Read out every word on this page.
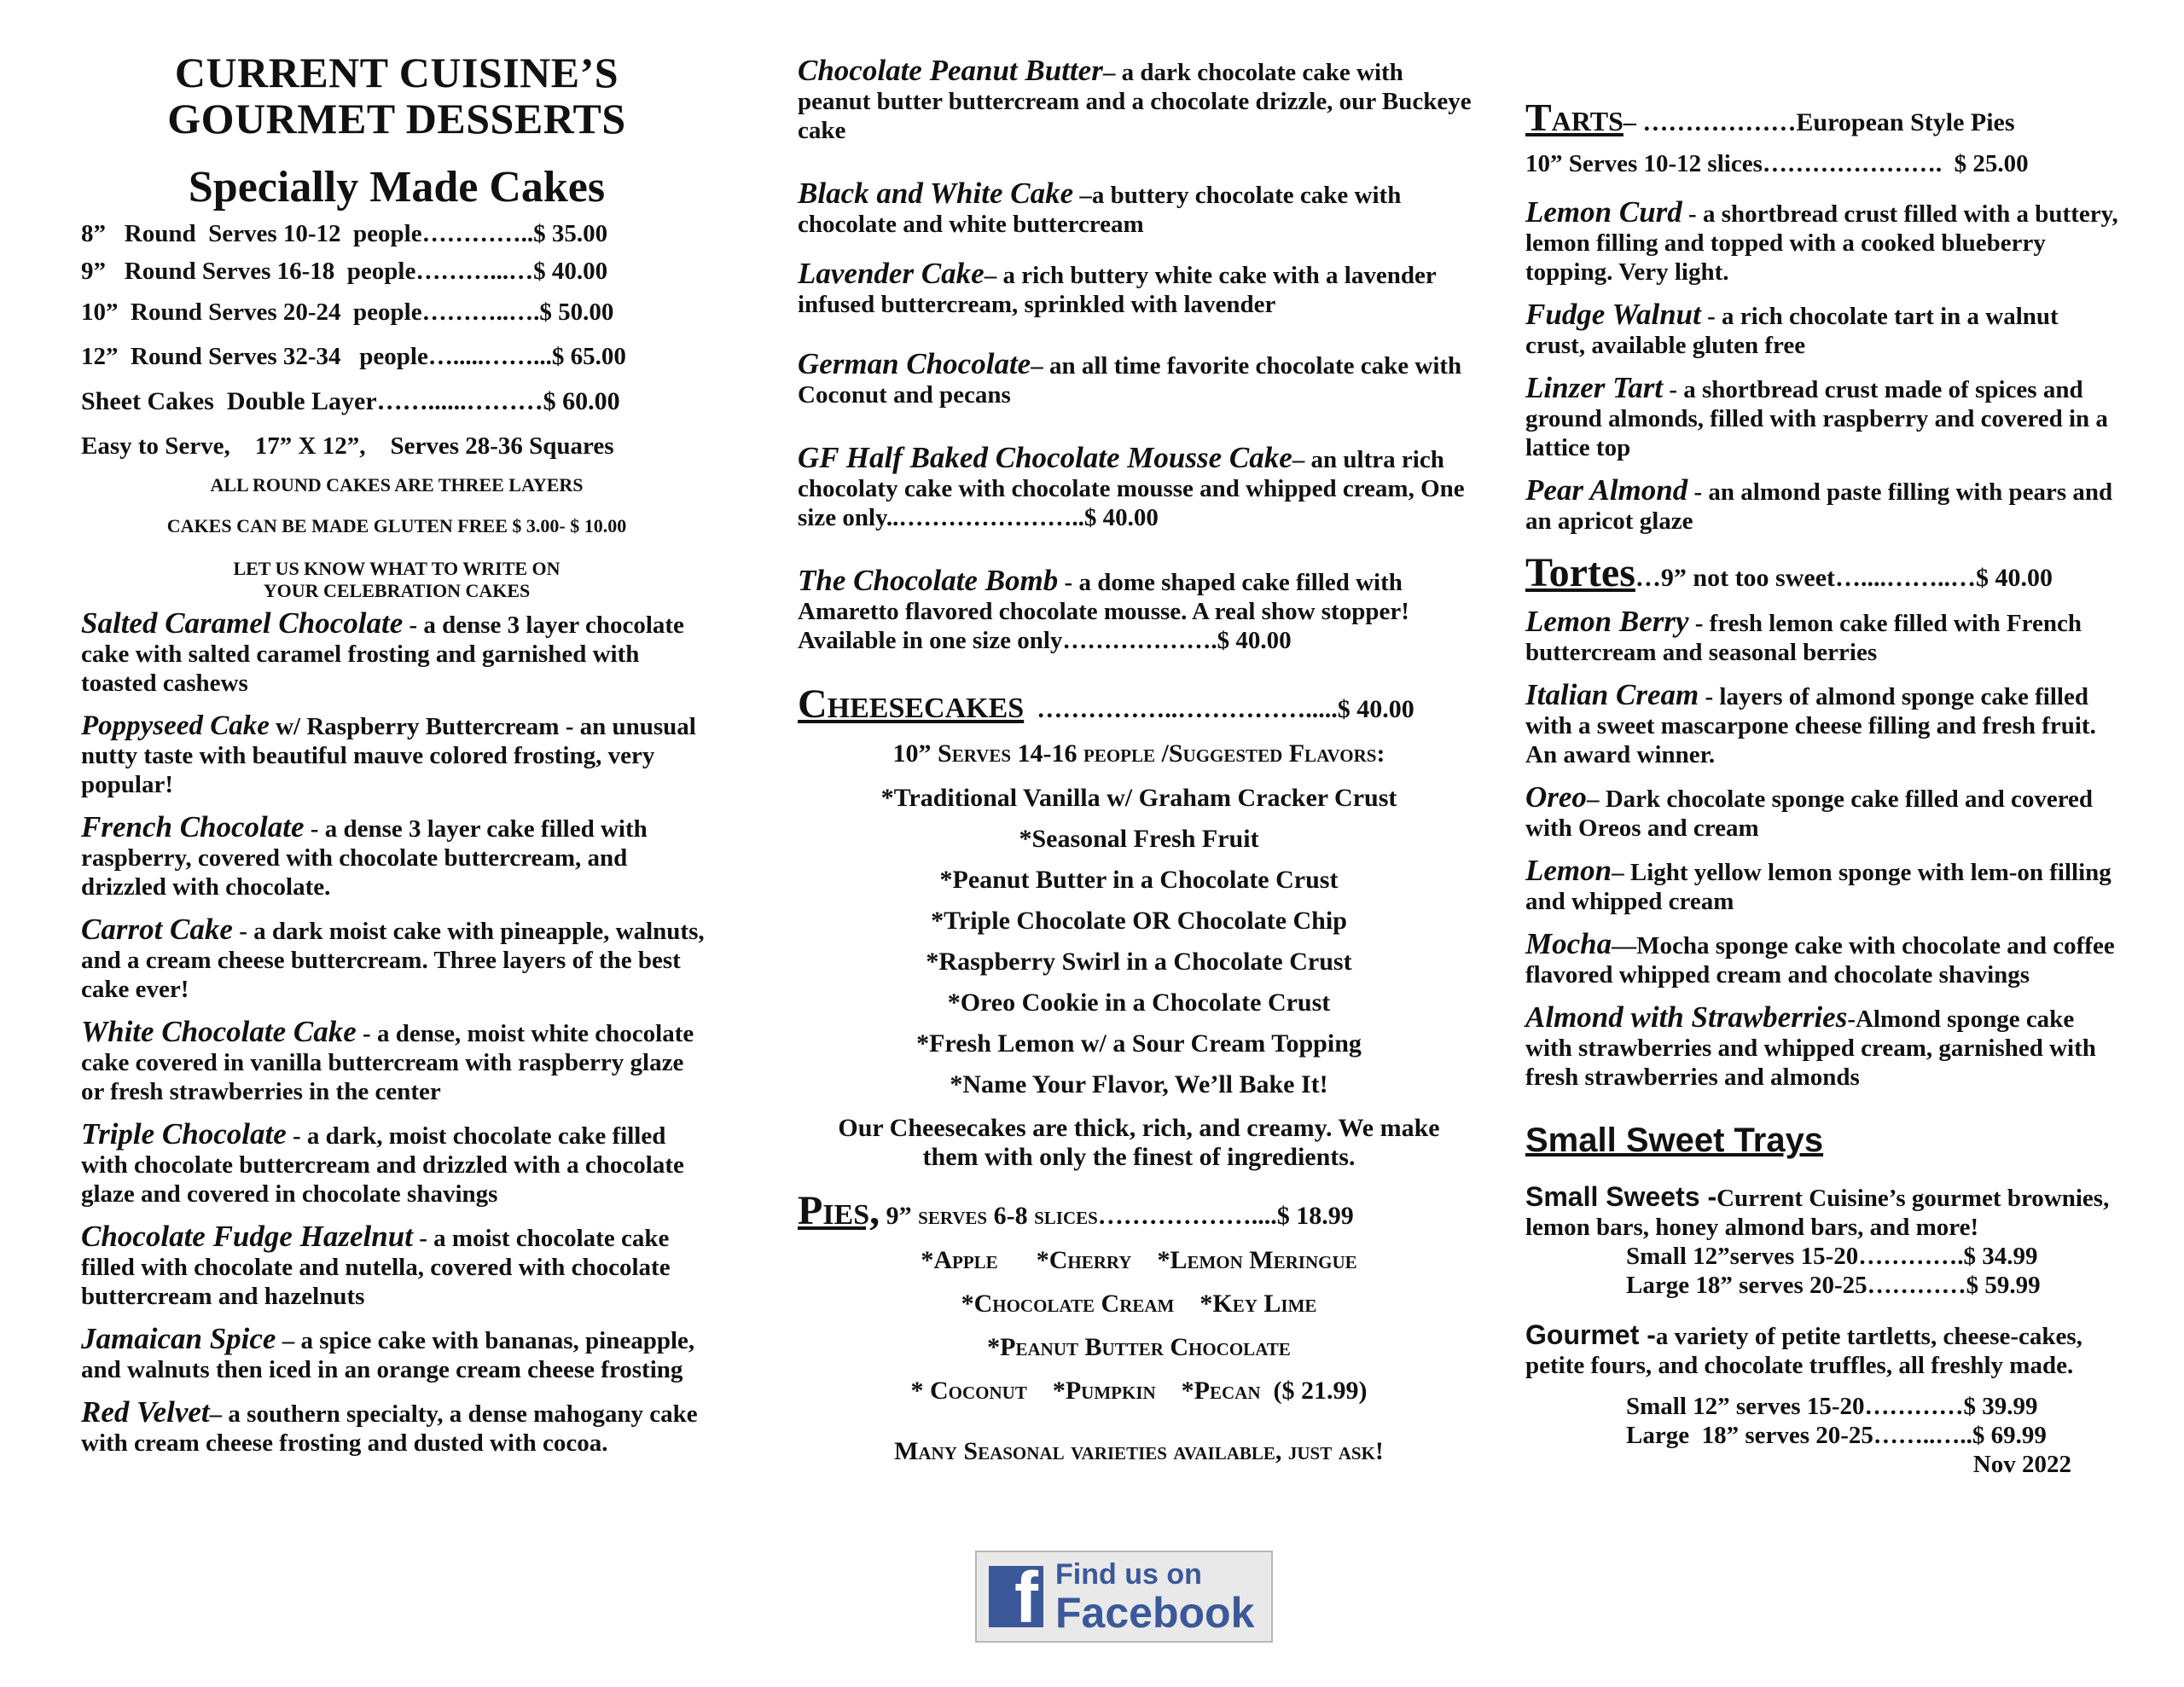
CURRENT CUISINE’S
GOURMET DESSERTS
Specially Made Cakes
8”   Round  Serves 10-12  people…………..$ 35.00
9”   Round Serves 16-18  people………...…$ 40.00
10”  Round Serves 20-24  people………..….$ 50.00
12”  Round Serves 32-34   people….....……...$ 65.00
Sheet Cakes  Double Layer……......………$ 60.00
Easy to Serve,    17” X 12”,    Serves 28-36 Squares
ALL ROUND CAKES ARE THREE LAYERS
CAKES CAN BE MADE GLUTEN FREE $ 3.00- $ 10.00
LET US KNOW WHAT TO WRITE ON
YOUR CELEBRATION CAKES
Salted Caramel Chocolate - a dense 3 layer chocolate cake with salted caramel frosting and garnished with toasted cashews
Poppyseed Cake w/ Raspberry Buttercream - an unusual nutty taste with beautiful mauve colored frosting, very popular!
French Chocolate - a dense 3 layer cake filled with raspberry, covered with chocolate buttercream, and drizzled with chocolate.
Carrot Cake - a dark moist cake with pineapple, walnuts, and a cream cheese buttercream. Three layers of the best cake ever!
White Chocolate Cake - a dense, moist white chocolate cake covered in vanilla buttercream with raspberry glaze or fresh strawberries in the center
Triple Chocolate - a dark, moist chocolate cake filled with chocolate buttercream and drizzled with a chocolate glaze and covered in chocolate shavings
Chocolate Fudge Hazelnut - a moist chocolate cake filled with chocolate and nutella, covered with chocolate buttercream and hazelnuts
Jamaican Spice – a spice cake with bananas, pineapple, and walnuts then iced in an orange cream cheese frosting
Red Velvet– a southern specialty, a dense mahogany cake with cream cheese frosting and dusted with cocoa.
Chocolate Peanut Butter– a dark chocolate cake with peanut butter buttercream and a chocolate drizzle, our Buckeye cake
Black and White Cake –a buttery chocolate cake with chocolate and white buttercream
Lavender Cake– a rich buttery white cake with a lavender infused buttercream, sprinkled with lavender
German Chocolate– an all time favorite chocolate cake with Coconut and pecans
GF Half Baked Chocolate Mousse Cake– an ultra rich chocolaty cake with chocolate mousse and whipped cream, One size only..…………………..$ 40.00
The Chocolate Bomb - a dome shaped cake filled with Amaretto flavored chocolate mousse. A real show stopper! Available in one size only……………….$ 40.00
Cheesecakes  ……………..…………….....$ 40.00
10” Serves 14-16 people /Suggested Flavors:
*Traditional Vanilla w/ Graham Cracker Crust
*Seasonal Fresh Fruit
*Peanut Butter in a Chocolate Crust
*Triple Chocolate OR Chocolate Chip
*Raspberry Swirl in a Chocolate Crust
*Oreo Cookie in a Chocolate Crust
*Fresh Lemon w/ a Sour Cream Topping
*Name Your Flavor, We’ll Bake It!
Our Cheesecakes are thick, rich, and creamy. We make them with only the finest of ingredients.
Pies, 9” serves 6-8 slices………………....$ 18.99
*Apple      *Cherry    *Lemon Meringue
*Chocolate Cream    *Key Lime
*Peanut Butter Chocolate
* Coconut    *Pumpkin    *Pecan  ($ 21.99)
Many Seasonal varieties available, just ask!
f Find us on
Facebook
Tarts– ………………European Style Pies
10” Serves 10-12 slices………………….  $ 25.00
Lemon Curd - a shortbread crust filled with a buttery, lemon filling and topped with a cooked blueberry topping. Very light.
Fudge Walnut - a rich chocolate tart in a walnut crust, available gluten free
Linzer Tart - a shortbread crust made of spices and ground almonds, filled with raspberry and covered in a lattice top
Pear Almond - an almond paste filling with pears and an apricot glaze
Tortes…9” not too sweet…....……..…$ 40.00
Lemon Berry - fresh lemon cake filled with French buttercream and seasonal berries
Italian Cream - layers of almond sponge cake filled with a sweet mascarpone cheese filling and fresh fruit. An award winner.
Oreo– Dark chocolate sponge cake filled and covered with Oreos and cream
Lemon– Light yellow lemon sponge with lem-on filling and whipped cream
Mocha—Mocha sponge cake with chocolate and coffee flavored whipped cream and chocolate shavings
Almond with Strawberries-Almond sponge cake with strawberries and whipped cream, garnished with fresh strawberries and almonds
Small Sweet Trays
Small Sweets -Current Cuisine’s gourmet brownies, lemon bars, honey almond bars, and more!
Small 12”serves 15-20………….$ 34.99
Large 18” serves 20-25…………$ 59.99
Gourmet -a variety of petite tartletts, cheese-cakes, petite fours, and chocolate truffles, all freshly made.
Small 12” serves 15-20…………$ 39.99
Large  18” serves 20-25……..…..$ 69.99
Nov 2022
